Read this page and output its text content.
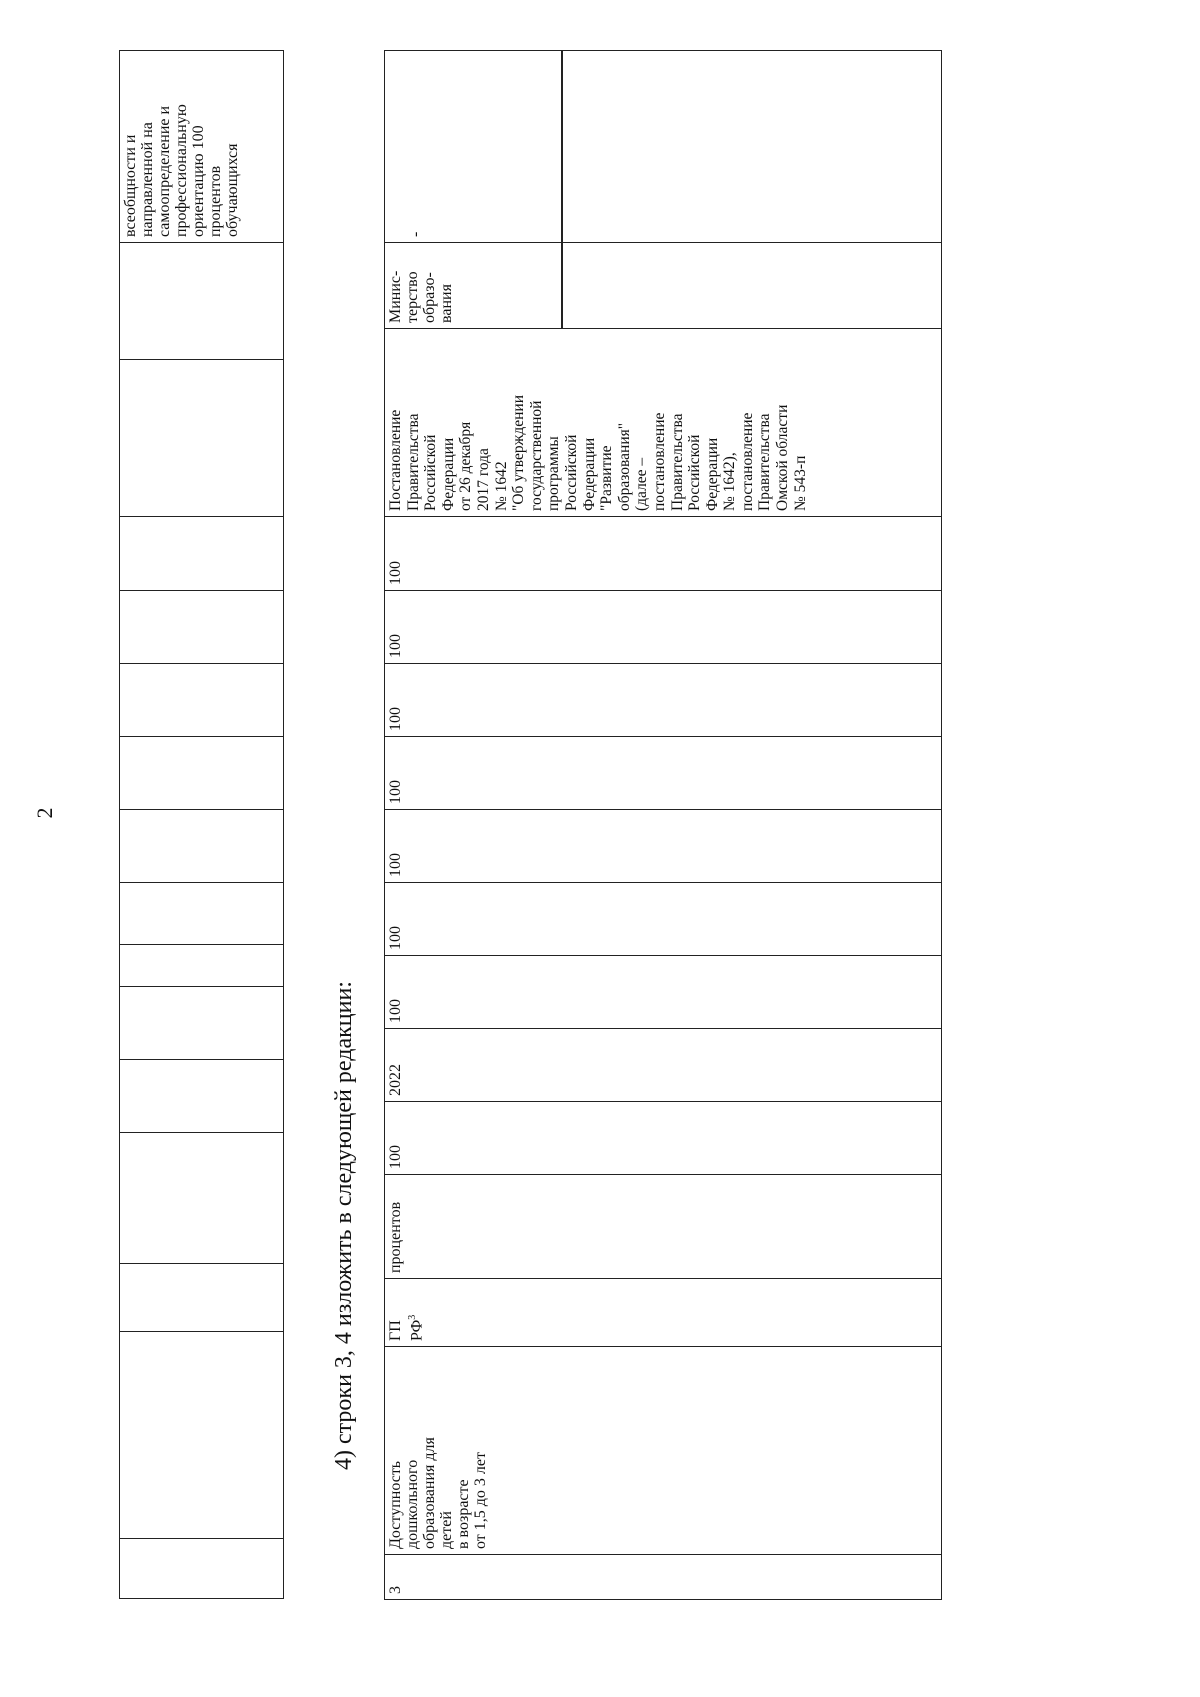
2
всеобщности и
направленной на
самоопределение и
профессиональную
ориентацию 100
процентов
обучающихся
4) строки 3, 4 изложить в следующей редакции:
-
Минис-
терство
образо-
вания
Постановление
Правительства
Российской
Федерации
от 26 декабря
2017 года
№ 1642
"Об утверждении
государственной
программы
Российской
Федерации
"Развитие
образования"
(далее –
постановление
Правительства
Российской
Федерации
№ 1642),
постановление
Правительства
Омской области
№ 543-п
100
100
100
100
100
100
100
2022
100
процентов
ГП
$РФ^3$
Доступность
дошкольного
образования для
детей
в возрасте
от 1,5 до 3 лет
3
